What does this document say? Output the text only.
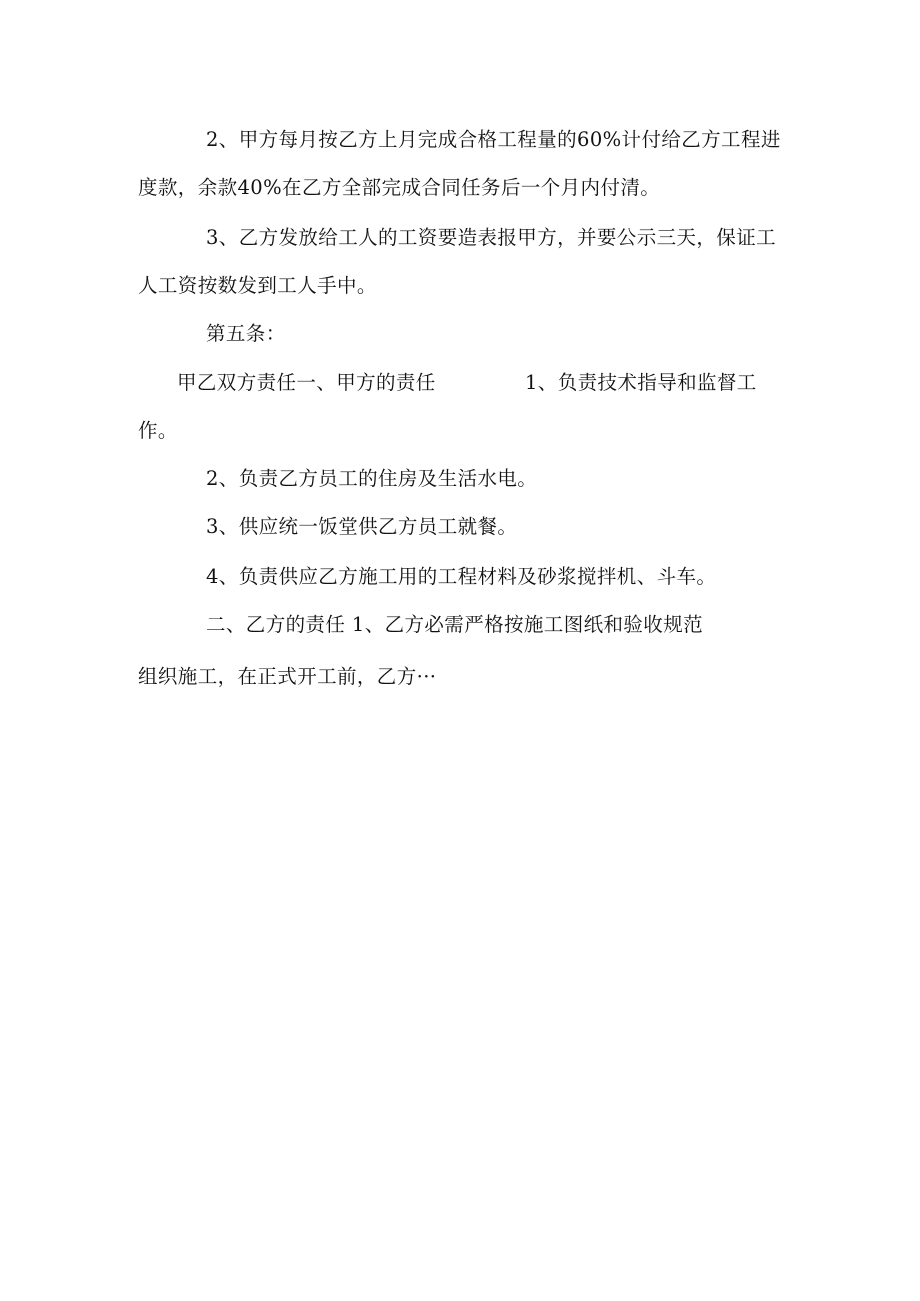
2、甲方每月按乙方上月完成合格工程量的60%计付给乙方工程进
度款，余款40%在乙方全部完成合同任务后一个月内付清。
3、乙方发放给工人的工资要造表报甲方，并要公示三天，保证工
人工资按数发到工人手中。
第五条：
甲乙双方责任一、甲方的责任	1、负责技术指导和监督工
作。
2、负责乙方员工的住房及生活水电。
3、供应统一饭堂供乙方员工就餐。
4、负责供应乙方施工用的工程材料及砂浆搅拌机、斗车。
二、乙方的责任 1、乙方必需严格按施工图纸和验收规范
组织施工，在正式开工前，乙方···
